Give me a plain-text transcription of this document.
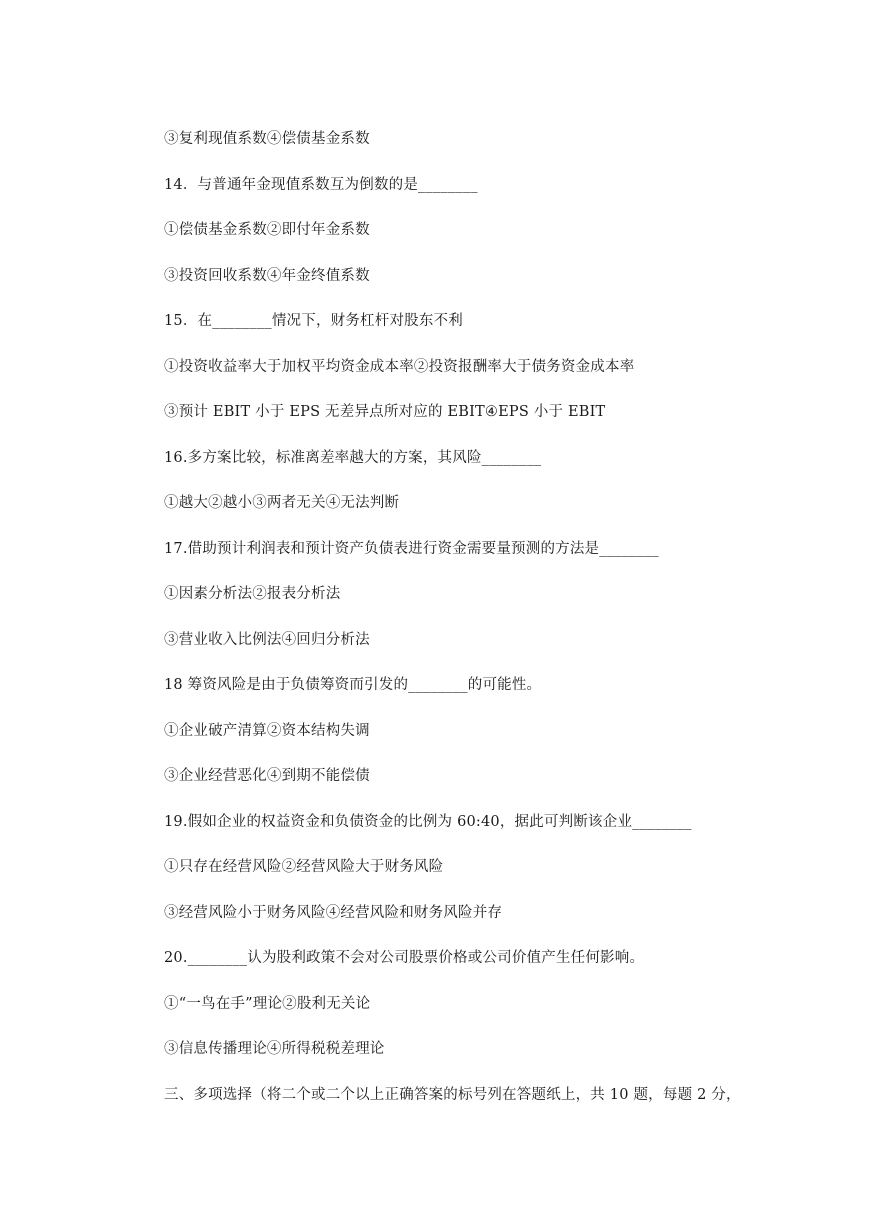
③复利现值系数④偿债基金系数
14．与普通年金现值系数互为倒数的是________
①偿债基金系数②即付年金系数
③投资回收系数④年金终值系数
15．在________情况下，财务杠杆对股东不利
①投资收益率大于加权平均资金成本率②投资报酬率大于债务资金成本率
③预计 EBIT 小于 EPS 无差异点所对应的 EBIT④EPS 小于 EBIT
16.多方案比较，标准离差率越大的方案，其风险________
①越大②越小③两者无关④无法判断
17.借助预计利润表和预计资产负债表进行资金需要量预测的方法是________
①因素分析法②报表分析法
③营业收入比例法④回归分析法
18 筹资风险是由于负债筹资而引发的________的可能性。
①企业破产清算②资本结构失调
③企业经营恶化④到期不能偿债
19.假如企业的权益资金和负债资金的比例为 60:40，据此可判断该企业________
①只存在经营风险②经营风险大于财务风险
③经营风险小于财务风险④经营风险和财务风险并存
20.________认为股利政策不会对公司股票价格或公司价值产生任何影响。
①“一鸟在手”理论②股利无关论
③信息传播理论④所得税税差理论
三、多项选择（将二个或二个以上正确答案的标号列在答题纸上，共 10 题，每题 2 分，
